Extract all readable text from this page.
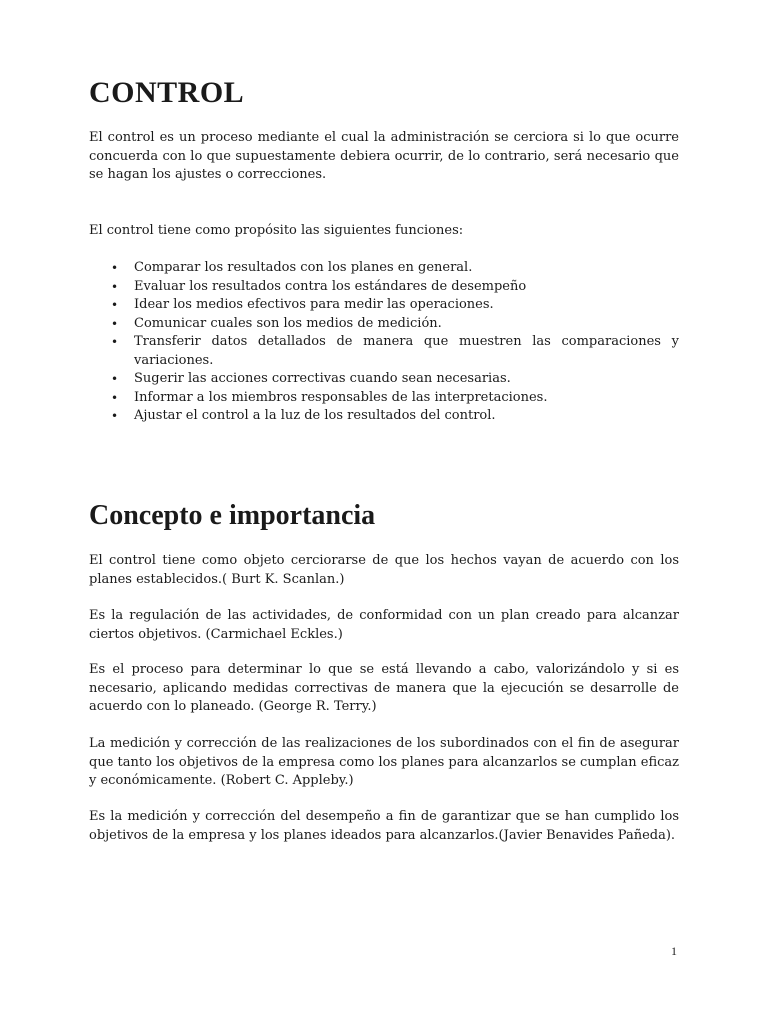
CONTROL

El control es un proceso mediante el cual la administración se cerciora si lo que ocurre concuerda con lo que supuestamente debiera ocurrir, de lo contrario, será necesario que se hagan los ajustes o correcciones.

El control tiene como propósito las siguientes funciones:

• Comparar los resultados con los planes en general.
• Evaluar los resultados contra los estándares de desempeño
• Idear los medios efectivos para medir las operaciones.
• Comunicar cuales son los medios de medición.
• Transferir datos detallados de manera que muestren las comparaciones y variaciones.
• Sugerir las acciones correctivas cuando sean necesarias.
• Informar a los miembros responsables de las interpretaciones.
• Ajustar el control a la luz de los resultados del control.
Concepto e importancia

El control tiene como objeto cerciorarse de que los hechos vayan de acuerdo con los planes establecidos.( Burt K. Scanlan.)

Es la regulación de las actividades, de conformidad con un plan creado para alcanzar ciertos objetivos. (Carmichael Eckles.)

Es el proceso para determinar lo que se está llevando a cabo, valorizándolo y si es necesario, aplicando medidas correctivas de manera que la ejecución se desarrolle de acuerdo con lo planeado. (George R. Terry.)

La medición y corrección de las realizaciones de los subordinados con el fin de asegurar que tanto los objetivos de la empresa como los planes para alcanzarlos se cumplan eficaz y económicamente. (Robert C. Appleby.)

Es la medición y corrección del desempeño a fin de garantizar que se han cumplido los objetivos de la empresa y los planes ideados para alcanzarlos.(Javier Benavides Pañeda).

1
